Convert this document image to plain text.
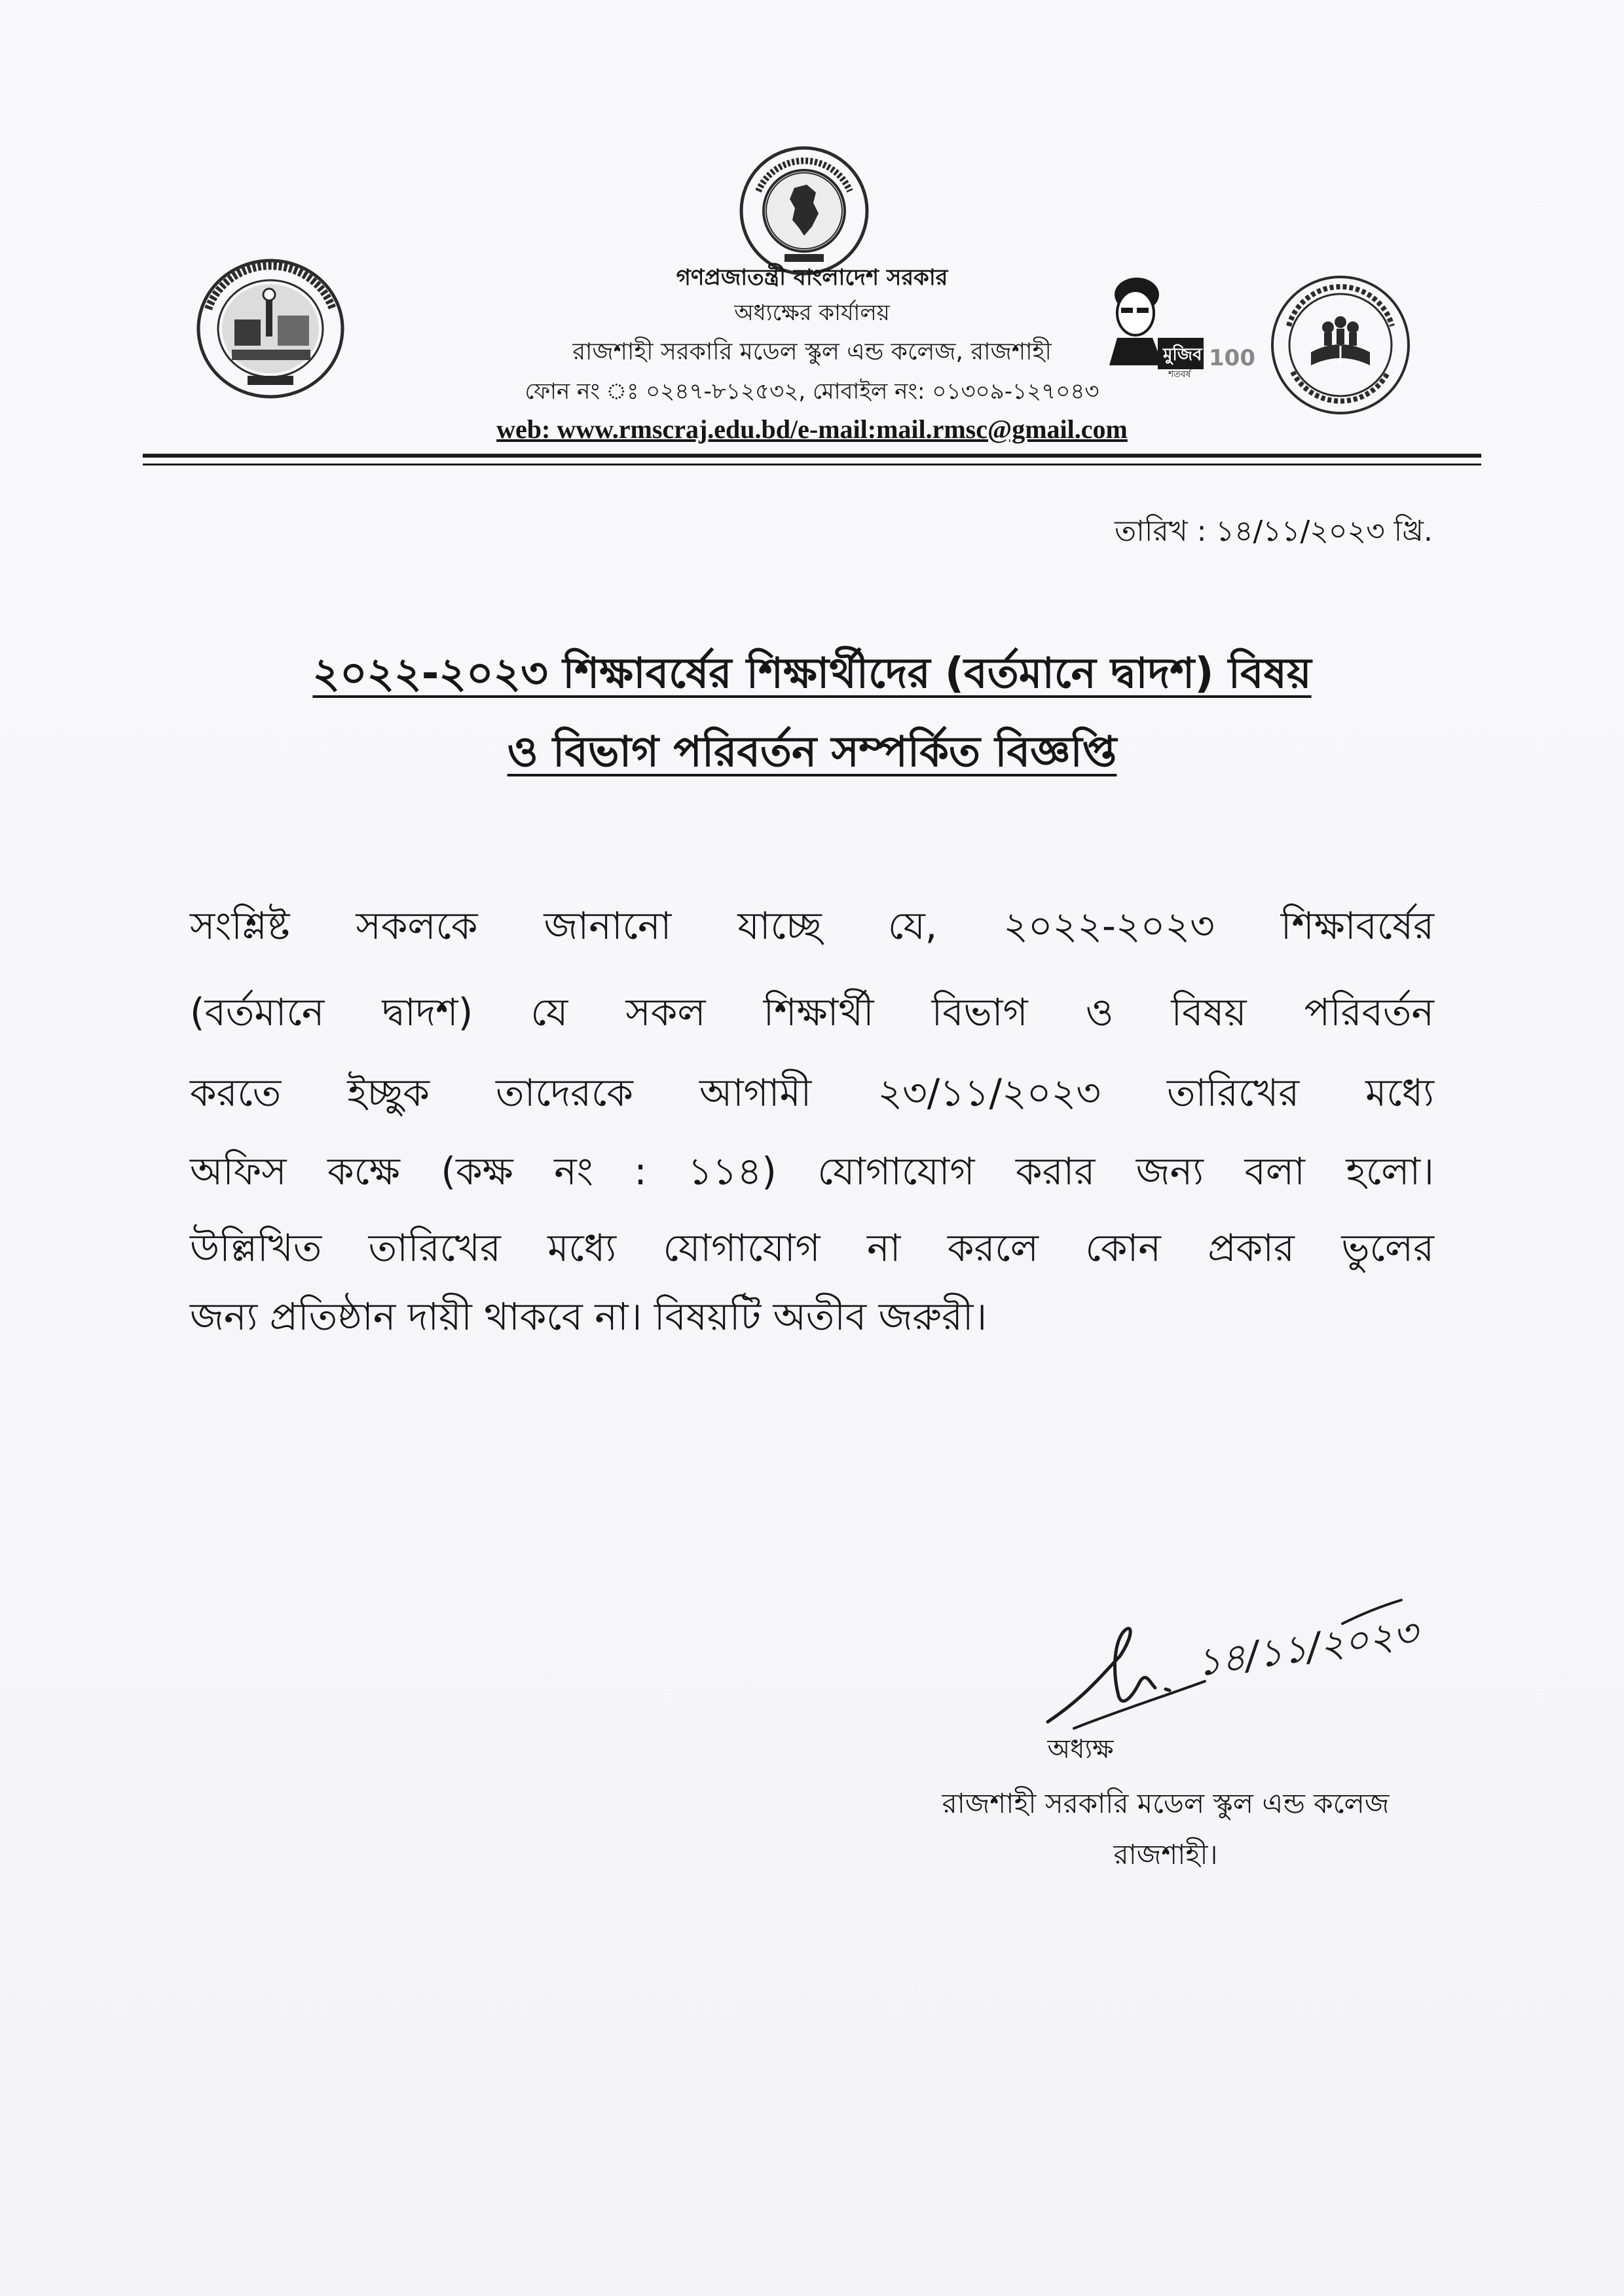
মুজিব 100
শতবর্ষ
গণপ্রজাতন্ত্রী বাংলাদেশ সরকার
অধ্যক্ষের কার্যালয়
রাজশাহী সরকারি মডেল স্কুল এন্ড কলেজ, রাজশাহী
ফোন নং ঃ ০২৪৭-৮১২৫৩২, মোবাইল নং: ০১৩০৯-১২৭০৪৩
web: www.rmscraj.edu.bd/e-mail:mail.rmsc@gmail.com
তারিখ : ১৪/১১/২০২৩ খ্রি.
২০২২-২০২৩ শিক্ষাবর্ষের শিক্ষার্থীদের (বর্তমানে দ্বাদশ) বিষয়
ও বিভাগ পরিবর্তন সম্পর্কিত বিজ্ঞপ্তি
সংশ্লিষ্ট সকলকে জানানো যাচ্ছে যে, ২০২২-২০২৩ শিক্ষাবর্ষের
(বর্তমানে দ্বাদশ) যে সকল শিক্ষার্থী বিভাগ ও বিষয় পরিবর্তন
করতে ইচ্ছুক তাদেরকে আগামী ২৩/১১/২০২৩ তারিখের মধ্যে
অফিস কক্ষে (কক্ষ নং : ১১৪) যোগাযোগ করার জন্য বলা হলো।
উল্লিখিত তারিখের মধ্যে যোগাযোগ না করলে কোন প্রকার ভুলের
জন্য প্রতিষ্ঠান দায়ী থাকবে না। বিষয়টি অতীব জরুরী।
১৪/১১/২০২৩
অধ্যক্ষ
রাজশাহী সরকারি মডেল স্কুল এন্ড কলেজ
রাজশাহী।
